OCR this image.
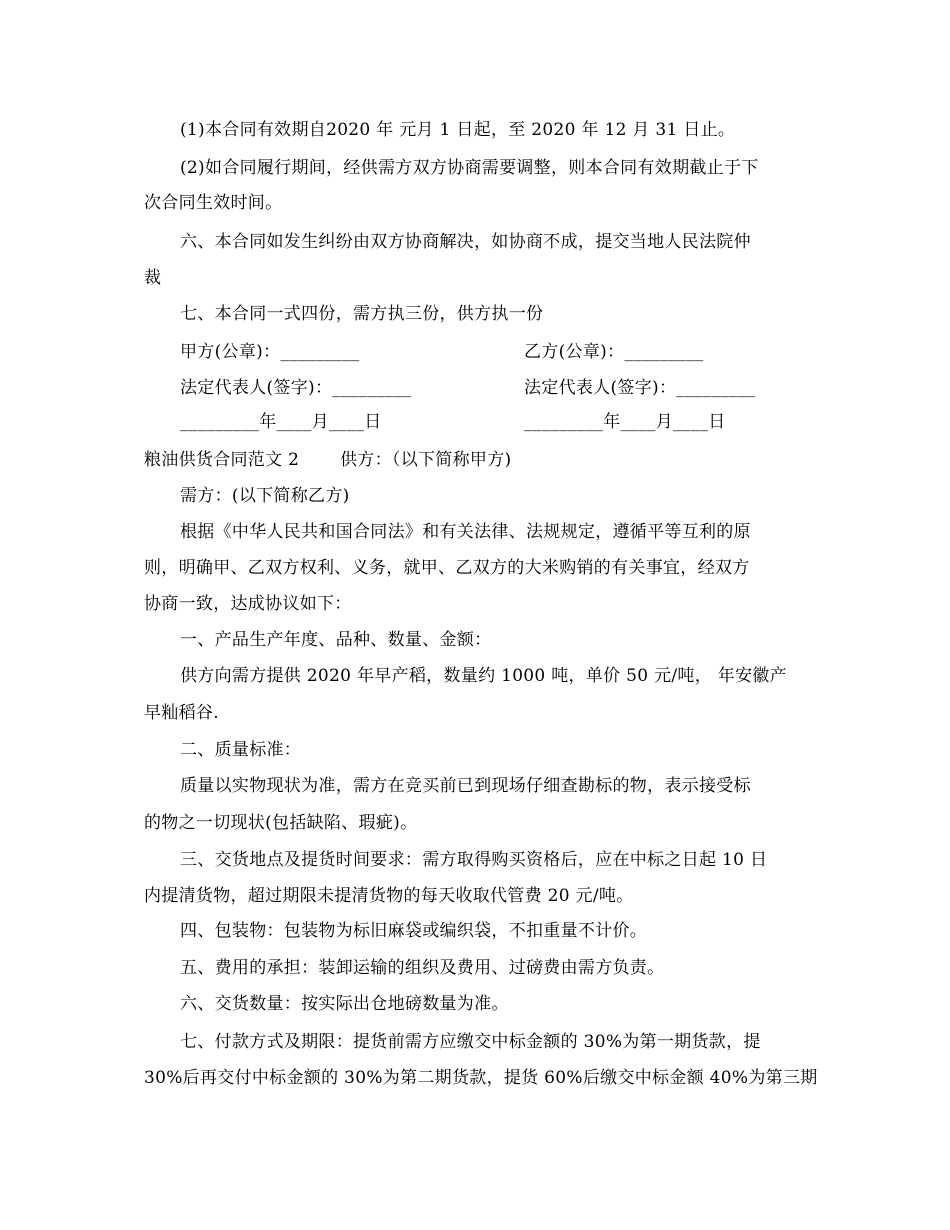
(1)本合同有效期自2020 年 元月 1 日起，至 2020 年 12 月 31 日止。
(2)如合同履行期间，经供需方双方协商需要调整，则本合同有效期截止于下
次合同生效时间。
六、本合同如发生纠纷由双方协商解决，如协商不成，提交当地人民法院仲
裁
七、本合同一式四份，需方执三份，供方执一份
甲方(公章)：_________	乙方(公章)：_________
法定代表人(签字)：_________	法定代表人(签字)：_________
_________年____月____日	_________年____月____日
粮油供货合同范文 2 供方：（以下简称甲方)
需方：(以下简称乙方)
根据《中华人民共和国合同法》和有关法律、法规规定，遵循平等互利的原
则，明确甲、乙双方权利、义务，就甲、乙双方的大米购销的有关事宜，经双方
协商一致，达成协议如下：
一、产品生产年度、品种、数量、金额：
供方向需方提供 2020 年早产稻，数量约 1000 吨，单价 50 元/吨， 年安徽产
早籼稻谷.
二、质量标准：
质量以实物现状为准，需方在竞买前已到现场仔细查勘标的物，表示接受标
的物之一切现状(包括缺陷、瑕疵)。
三、交货地点及提货时间要求：需方取得购买资格后，应在中标之日起 10 日
内提清货物，超过期限未提清货物的每天收取代管费 20 元/吨。
四、包装物：包装物为标旧麻袋或编织袋，不扣重量不计价。
五、费用的承担：装卸运输的组织及费用、过磅费由需方负责。
六、交货数量：按实际出仓地磅数量为准。
七、付款方式及期限：提货前需方应缴交中标金额的 30%为第一期货款，提
30%后再交付中标金额的 30%为第二期货款，提货 60%后缴交中标金额 40%为第三期
